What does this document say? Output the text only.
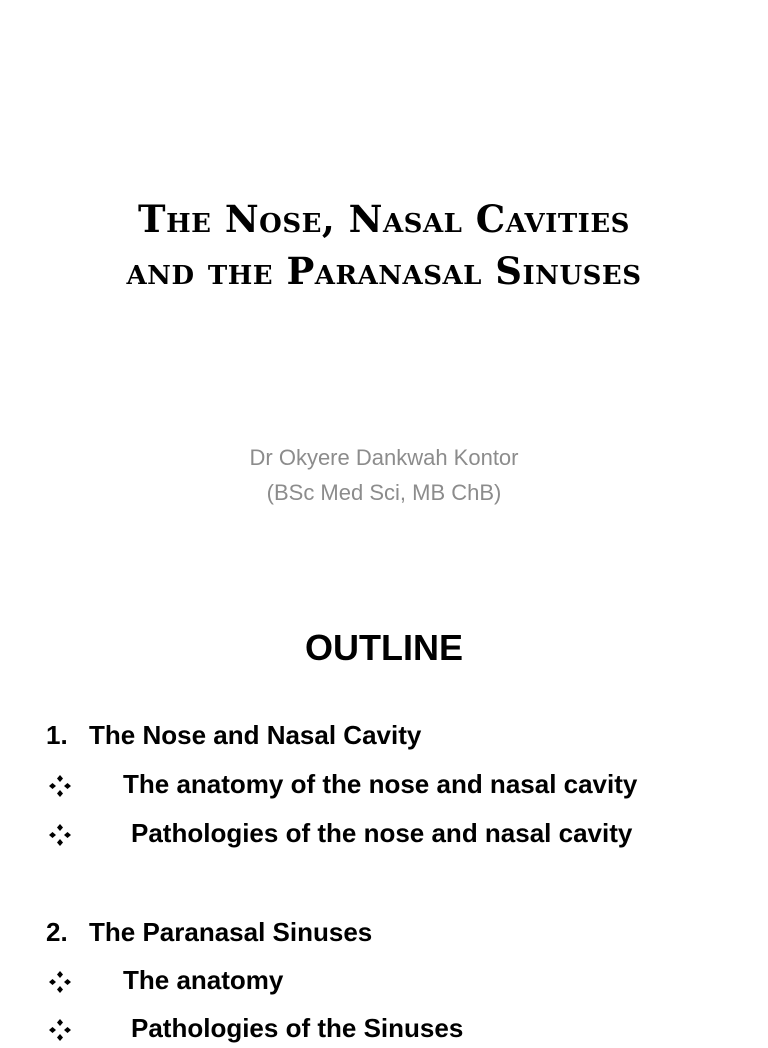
The Nose, Nasal Cavities
and the Paranasal Sinuses
Dr Okyere Dankwah Kontor
(BSc Med Sci, MB ChB)
OUTLINE
1. The Nose and Nasal Cavity
The anatomy of the nose and nasal cavity
Pathologies of the nose and nasal cavity
2. The Paranasal Sinuses
The anatomy
Pathologies of the Sinuses
